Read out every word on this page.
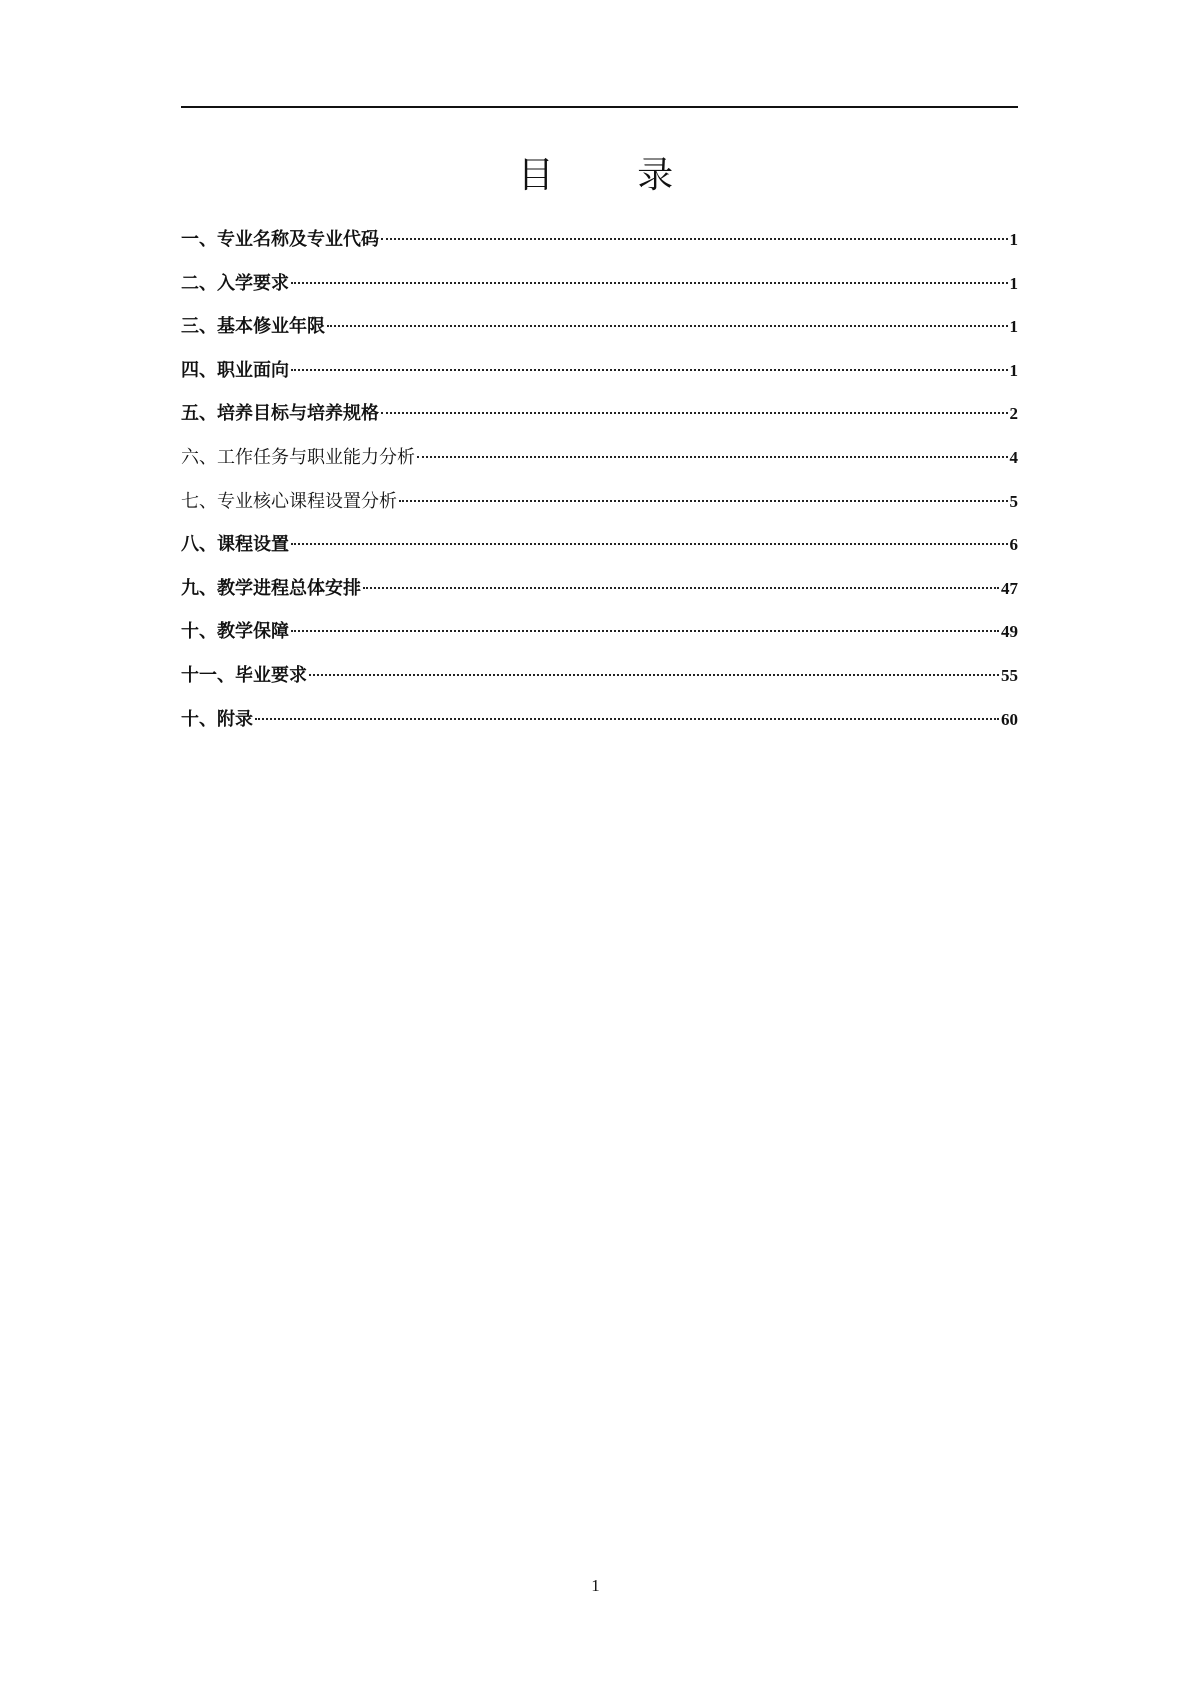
目 录
一、专业名称及专业代码	1
二、入学要求	1
三、基本修业年限	1
四、职业面向	1
五、培养目标与培养规格	2
六、工作任务与职业能力分析	4
七、专业核心课程设置分析	5
八、课程设置	6
九、教学进程总体安排	47
十、教学保障	49
十一、毕业要求	55
十、附录	60
1
